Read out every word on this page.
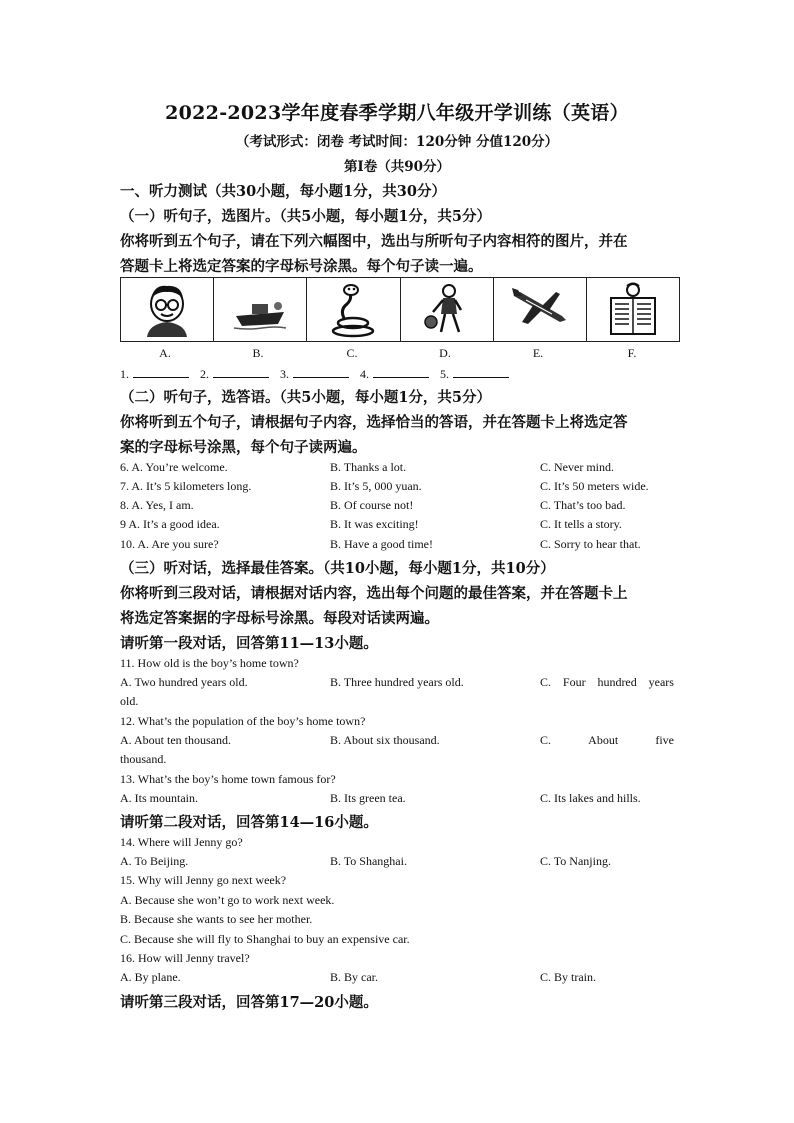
2022-2023学年度春季学期八年级开学训练（英语）
（考试形式：闭卷 考试时间：120分钟 分值120分）
第Ⅰ卷（共90分）
一、听力测试（共30小题，每小题1分，共30分）
（一）听句子，选图片。（共5小题，每小题1分，共5分）
你将听到五个句子，请在下列六幅图中，选出与所听句子内容相符的图片，并在
答题卡上将选定答案的字母标号涂黑。每个句子读一遍。
A.	B.	C.	D.	E.	F.
1.	2.	3.	4.	5.
（二）听句子，选答语。（共5小题，每小题1分，共5分）
你将听到五个句子，请根据句子内容，选择恰当的答语，并在答题卡上将选定答
案的字母标号涂黑，每个句子读两遍。
6. A. You’re welcome.	B. Thanks a lot.	C. Never mind.
7. A. It’s 5 kilometers long.	B. It’s 5, 000 yuan.	C. It’s 50 meters wide.
8. A. Yes, I am.	B. Of course not!	C. That’s too bad.
9 A. It’s a good idea.	B. It was exciting!	C. It tells a story.
10. A. Are you sure?	B. Have a good time!	C. Sorry to hear that.
（三）听对话，选择最佳答案。（共10小题，每小题1分，共10分）
你将听到三段对话，请根据对话内容，选出每个问题的最佳答案，并在答题卡上
将选定答案据的字母标号涂黑。每段对话读两遍。
请听第一段对话，回答第11—13小题。
11. How old is the boy’s home town?
A. Two hundred years old.	B. Three hundred years old.	C. Four hundred years
old.
12. What’s the population of the boy’s home town?
A. About ten thousand.	B. About six thousand.	C.	About	five
thousand.
13. What’s the boy’s home town famous for?
A. Its mountain.	B. Its green tea.	C. Its lakes and hills.
请听第二段对话，回答第14—16小题。
14. Where will Jenny go?
A. To Beijing.	B. To Shanghai.	C. To Nanjing.
15. Why will Jenny go next week?
A. Because she won’t go to work next week.
B. Because she wants to see her mother.
C. Because she will fly to Shanghai to buy an expensive car.
16. How will Jenny travel?
A. By plane.	B. By car.	C. By train.
请听第三段对话，回答第17—20小题。
